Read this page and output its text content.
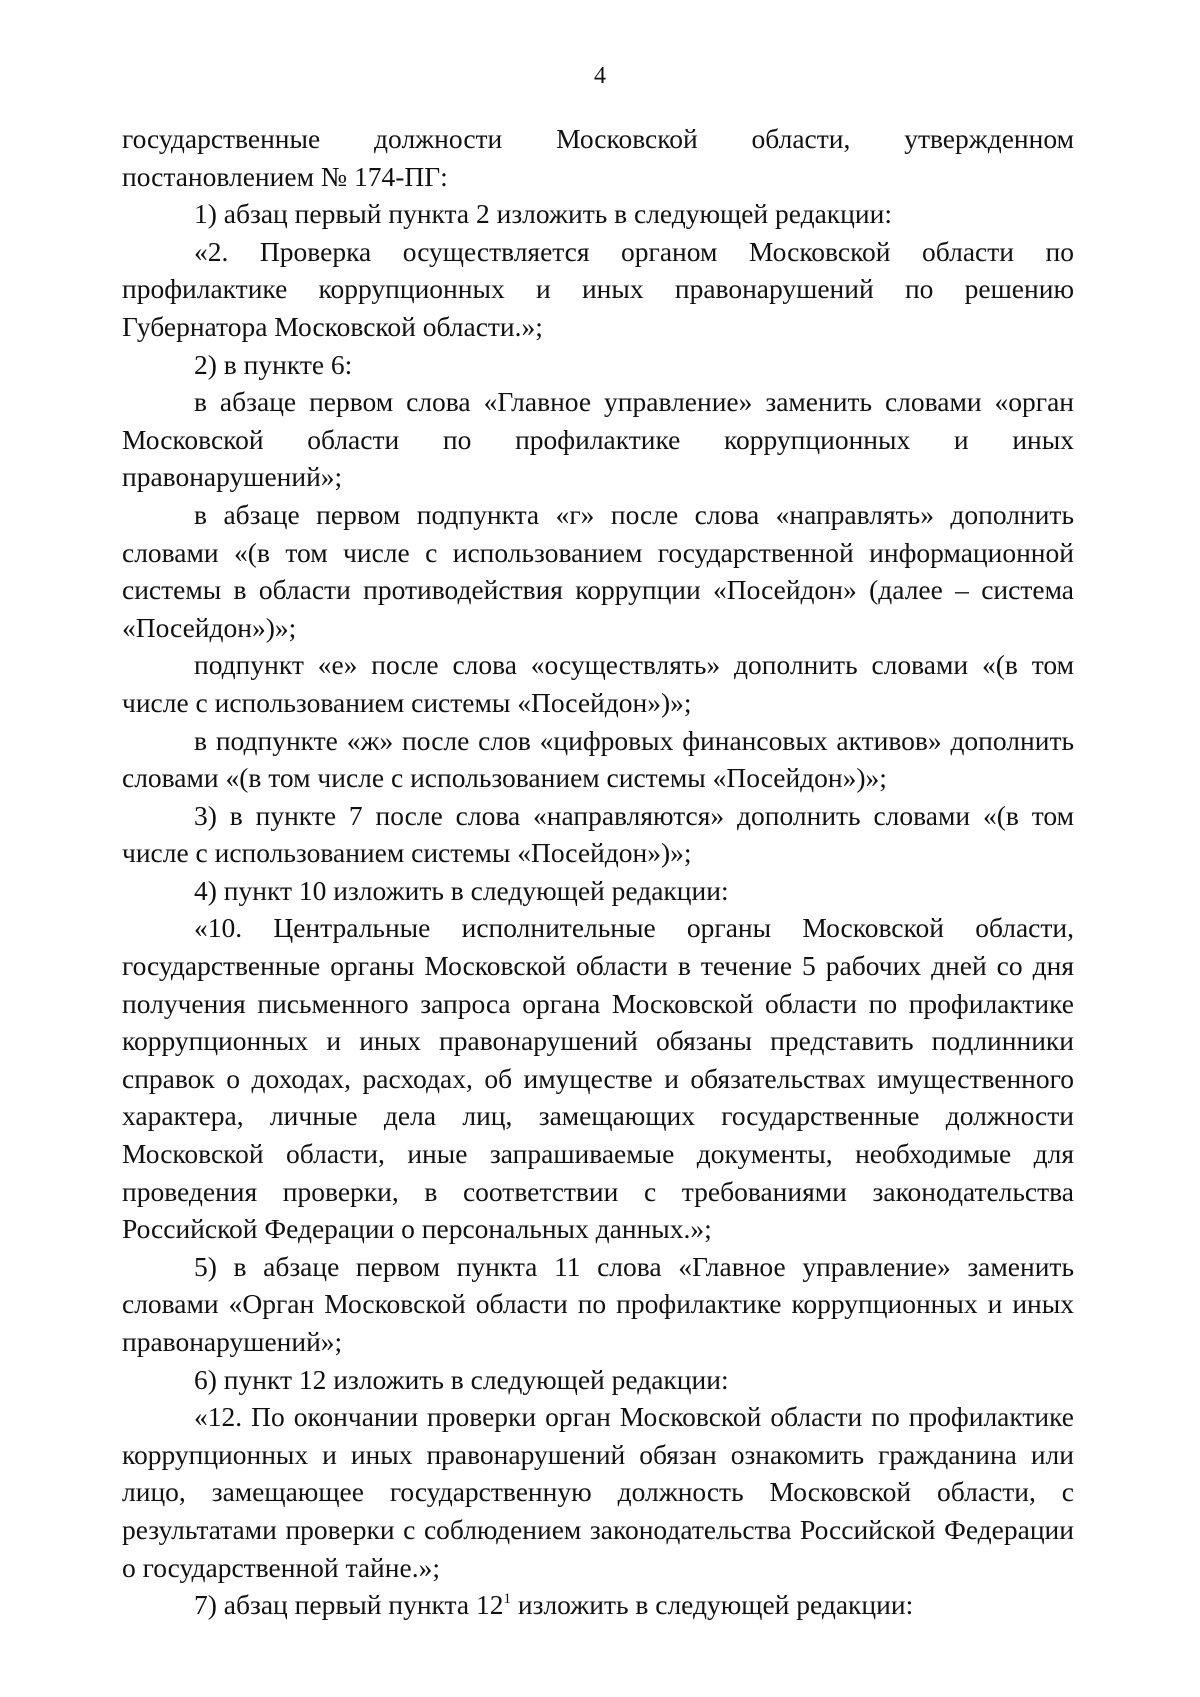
4

государственные должности Московской области, утвержденном постановлением № 174-ПГ:

1) абзац первый пункта 2 изложить в следующей редакции:

«2. Проверка осуществляется органом Московской области по профилактике коррупционных и иных правонарушений по решению Губернатора Московской области.»;

2) в пункте 6:

в абзаце первом слова «Главное управление» заменить словами «орган Московской области по профилактике коррупционных и иных правонарушений»;

в абзаце первом подпункта «г» после слова «направлять» дополнить словами «(в том числе с использованием государственной информационной системы в области противодействия коррупции «Посейдон» (далее – система «Посейдон»)»;

подпункт «е» после слова «осуществлять» дополнить словами «(в том числе с использованием системы «Посейдон»)»;

в подпункте «ж» после слов «цифровых финансовых активов» дополнить словами «(в том числе с использованием системы «Посейдон»)»;

3) в пункте 7 после слова «направляются» дополнить словами «(в том числе с использованием системы «Посейдон»)»;

4) пункт 10 изложить в следующей редакции:

«10. Центральные исполнительные органы Московской области, государственные органы Московской области в течение 5 рабочих дней со дня получения письменного запроса органа Московской области по профилактике коррупционных и иных правонарушений обязаны представить подлинники справок о доходах, расходах, об имуществе и обязательствах имущественного характера, личные дела лиц, замещающих государственные должности Московской области, иные запрашиваемые документы, необходимые для проведения проверки, в соответствии с требованиями законодательства Российской Федерации о персональных данных.»;

5) в абзаце первом пункта 11 слова «Главное управление» заменить словами «Орган Московской области по профилактике коррупционных и иных правонарушений»;

6) пункт 12 изложить в следующей редакции:

«12. По окончании проверки орган Московской области по профилактике коррупционных и иных правонарушений обязан ознакомить гражданина или лицо, замещающее государственную должность Московской области, с результатами проверки с соблюдением законодательства Российской Федерации о государственной тайне.»;

7) абзац первый пункта $12^1$ изложить в следующей редакции:
